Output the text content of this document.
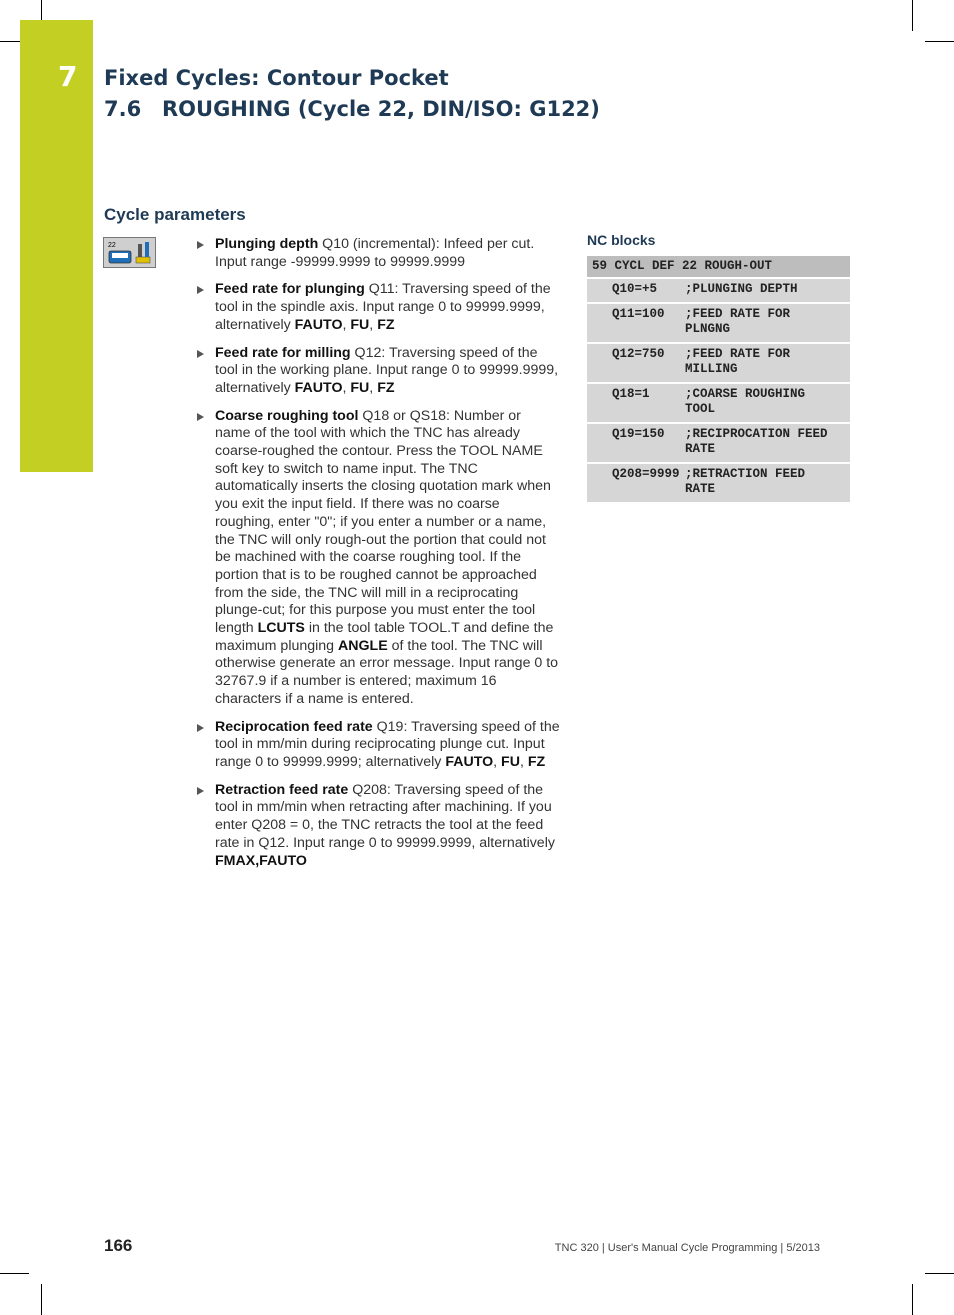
7 Fixed Cycles: Contour Pocket
7.6 ROUGHING (Cycle 22, DIN/ISO: G122)
Cycle parameters
22	Plunging depth Q10 (incremental): Infeed per cut. Input range -99999.9999 to 99999.9999
Feed rate for plunging Q11: Traversing speed of the tool in the spindle axis. Input range 0 to 99999.9999, alternatively FAUTO, FU, FZ
Feed rate for milling Q12: Traversing speed of the tool in the working plane. Input range 0 to 99999.9999, alternatively FAUTO, FU, FZ
Coarse roughing tool Q18 or QS18: Number or name of the tool with which the TNC has already coarse-roughed the contour. Press the TOOL NAME soft key to switch to name input. The TNC automatically inserts the closing quotation mark when you exit the input field. If there was no coarse roughing, enter "0"; if you enter a number or a name, the TNC will only rough-out the portion that could not be machined with the coarse roughing tool. If the portion that is to be roughed cannot be approached from the side, the TNC will mill in a reciprocating plunge-cut; for this purpose you must enter the tool length LCUTS in the tool table TOOL.T and define the maximum plunging ANGLE of the tool. The TNC will otherwise generate an error message. Input range 0 to 32767.9 if a number is entered; maximum 16 characters if a name is entered.
Reciprocation feed rate Q19: Traversing speed of the tool in mm/min during reciprocating plunge cut. Input range 0 to 99999.9999; alternatively FAUTO, FU, FZ
Retraction feed rate Q208: Traversing speed of the tool in mm/min when retracting after machining. If you enter Q208 = 0, the TNC retracts the tool at the feed rate in Q12. Input range 0 to 99999.9999, alternatively FMAX,FAUTO
NC blocks
59 CYCL DEF 22 ROUGH-OUT
Q10=+5	;PLUNGING DEPTH
Q11=100	;FEED RATE FOR PLNGNG
Q12=750	;FEED RATE FOR MILLING
Q18=1	;COARSE ROUGHING TOOL
Q19=150	;RECIPROCATION FEED RATE
Q208=9999 ;RETRACTION FEED RATE
166	TNC 320 | User's Manual Cycle Programming | 5/2013
